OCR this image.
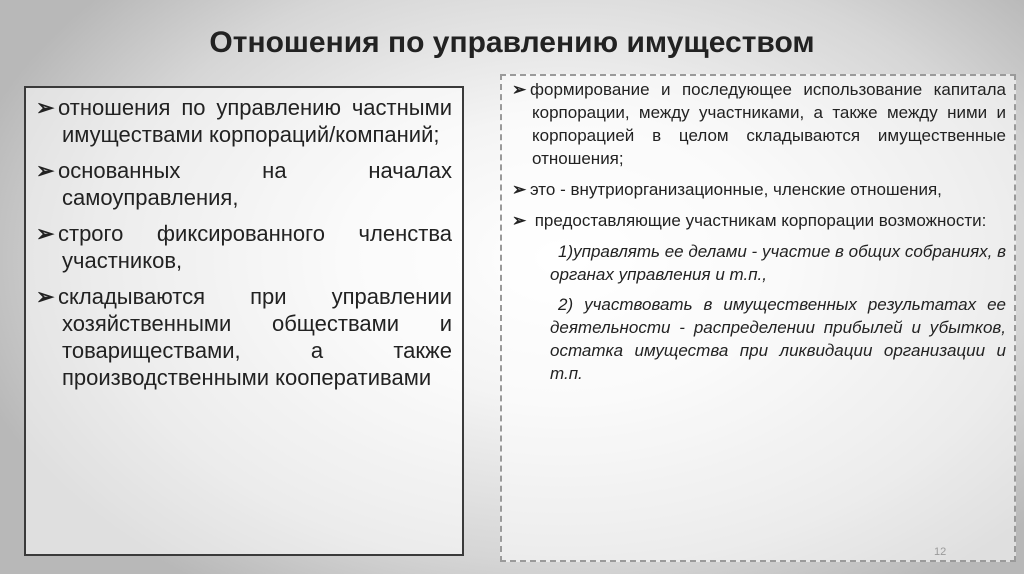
Отношения по управлению имуществом
➢ отношения по управлению частными имуществами корпораций/компаний;
➢ основанных на началах самоуправления,
➢ строго фиксированного членства участников,
➢ складываются при управлении хозяйственными обществами и товариществами, а также производственными кооперативами
➢ формирование и последующее использование капитала корпорации, между участниками, а также между ними и корпорацией в целом складываются имущественные отношения;
➢ это - внутриорганизационные, членские отношения,
➢ предоставляющие участникам корпорации возможности:
1)управлять ее делами - участие в общих собраниях, в органах управления и т.п.,
2) участвовать в имущественных результатах ее деятельности - распределении прибылей и убытков, остатка имущества при ликвидации организации и т.п.
12
